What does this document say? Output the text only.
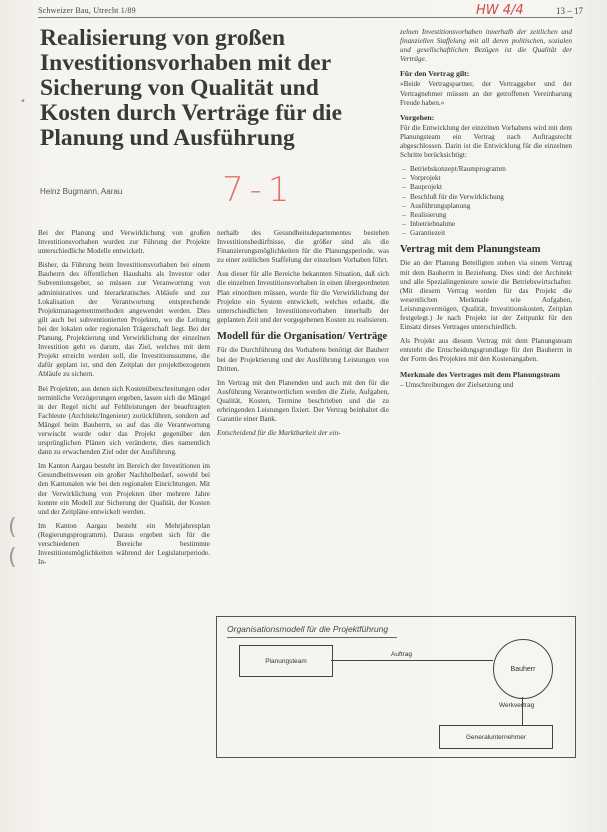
Schweizer Bau, Utrecht 1/89	HW 4/4	13 – 17
Realisierung von großen Investitionsvorhaben mit der Sicherung von Qualität und Kosten durch Verträge für die Planung und Ausführung
Heinz Bugmann, Aarau	7-1

Bei der Planung und Verwirklichung von großen Investitionsvorhaben wurden zur Führung der Projekte unterschiedliche Modelle entwickelt.

Bisher, da Führung beim Investitionsvorhaben bei einem Bauherrn des öffentlichen Haushalts als Investor oder Subventionsgeber, so müssen zur Veranwortung von administratives und hierarkratisches Abläufe und zur Lokalisation der Verantwortung entsprechende Projektmanagementmethoden angewendet werden. Dies gilt auch bei subventionierten Projekten, wo die Leitung bei der lokalen oder regionalen Trägerschaft liegt. Bei der Planung, Projektierung und Verwirklichung der einzelnen Investition geht es darum, das Ziel, welches mit dem Projekt erreicht werden soll, die Investitionssumme, die dafür geplant ist, und den Zeitplan der projektbezogenen Abläufe zu sichern.

Bei Projekten, aus denen sich Kostenüberschreitungen oder terminliche Verzögerungen ergeben, lassen sich die Mängel in der Regel nicht auf Fehlleistungen der beauftragten Fachleute (Architekt/Ingenieur) zurückführen, sondern auf Mängel beim Bauherrn, so auf das die Verantwortung verwischt wurde oder das Projekt gegenüber den ursprünglichen Plänen sich veränderte, dies namentlich dann zu erwachenden Ziel oder der Ausführung.

Im Kanton Aargau besteht im Bereich der Investitionen im Gesundheitswesen ein großer Nachholbedarf, sowohl bei den Kantonalen wie bei den regionalen Einrichtungen. Mit der Verwirklichung von Projekten über mehrere Jahre konnte ein Modell zur Sicherung der Qualität, der Kosten und der Zeitpläne entwickelt werden.

Im Kanton Aargau besteht ein Mehrjahresplan (Regierungsprogramm). Daraus ergeben sich für die verschiedenen Bereiche bestimmte Investitionsmöglichkeiten während der Legislaturperiode. In-

nerhalb des Gesundheitsdepartementes bestehen Investitionsbedürfnisse, die größer sind als die Finanzierungsmöglichkeiten für die Planungsperiode, was zu einer zeitlichen Staffelung der einzelnen Vorhaben führt.

Aus dieser für alle Bereiche bekannten Situation, daß sich die einzelnen Investitionsvorhaben in einen übergeordneten Plan einordnen müssen, wurde für die Verwirklichung der Projekte ein System entwickelt, welches erlaubt, die unterschiedlichen Investitionsvorhaben innerhalb der geplanten Zeit und der vorgegebenen Kosten zu realisieren.

Modell für die Organisation/ Verträge

Für die Durchführung des Vorhabens benötigt der Bauherr bei der Projektierung und der Ausführung Leistungen von Dritten.

Im Vertrag mit den Planenden und auch mit den für die Ausführung Verantwortlichen werden die Ziele, Aufgaben, Qualität, Kosten, Termine beschrieben und die zu erbringenden Leistungen fixiert. Der Vertrag beinhaltet die Garantie einer Bank.

Entscheidend für die Marktbarkeit der ein-

zelnen Investitionsvorhaben innerhalb der zeitlichen und finanziellen Staffelung mit all deren politischen, sozialen und gesellschaftlichen Bezügen ist die Qualität der Verträge.

Für den Vertrag gilt:

»Beide Vertragspartner, der Vertraggeber und der Vertragnehmer müssen an der getroffenen Vereinbarung Freude haben.«

Vorgehen:

Für die Entwicklung der einzelnen Vorhabens wird mit dem Planungsteam ein Vertrag nach Auftragsrecht abgeschlossen. Darin ist die Entwicklung für die einzelnen Schritte berücksichtigt:

– Betriebskonzept/Raumprogramm
– Vorprojekt
– Bauprojekt
– Beschluß für die Verwirklichung
– Ausführungsplanung
– Realisierung
– Inbetriebnahme
– Garantiezeit
Vertrag mit dem Planungsteam

Die an der Planung Beteiligten stehen via einem Vertrag mit dem Bauherrn in Beziehung. Dies sind: der Architekt und alle Spezialingenieure sowie die Betriebswirtschafter. (Mit diesem Vertrag werden für das Projekt die wesentlichen Merkmale wie Aufgaben, Leistungsvermögen, Qualität, Investitionskosten, Zeitplan festgelegt.) Je nach Projekt ist der Zeitpunkt für den Einsatz dieses Vertrages unterschiedlich.

Als Projekt aus diesem Vertrag mit dem Planungsteam entsteht die Entscheidungsgrundlage für den Bauherrn in der Form des Projektes mit den Kostenangaben.

Merkmale des Vertrages mit dem Planungsteam

– Umschreibungen der Zielsetzung und

Organisationsmodell für die Projektführung
Planungsteam
Auftrag
Bauherr
Werkvertrag
Generalunternehmer
•
(
(
